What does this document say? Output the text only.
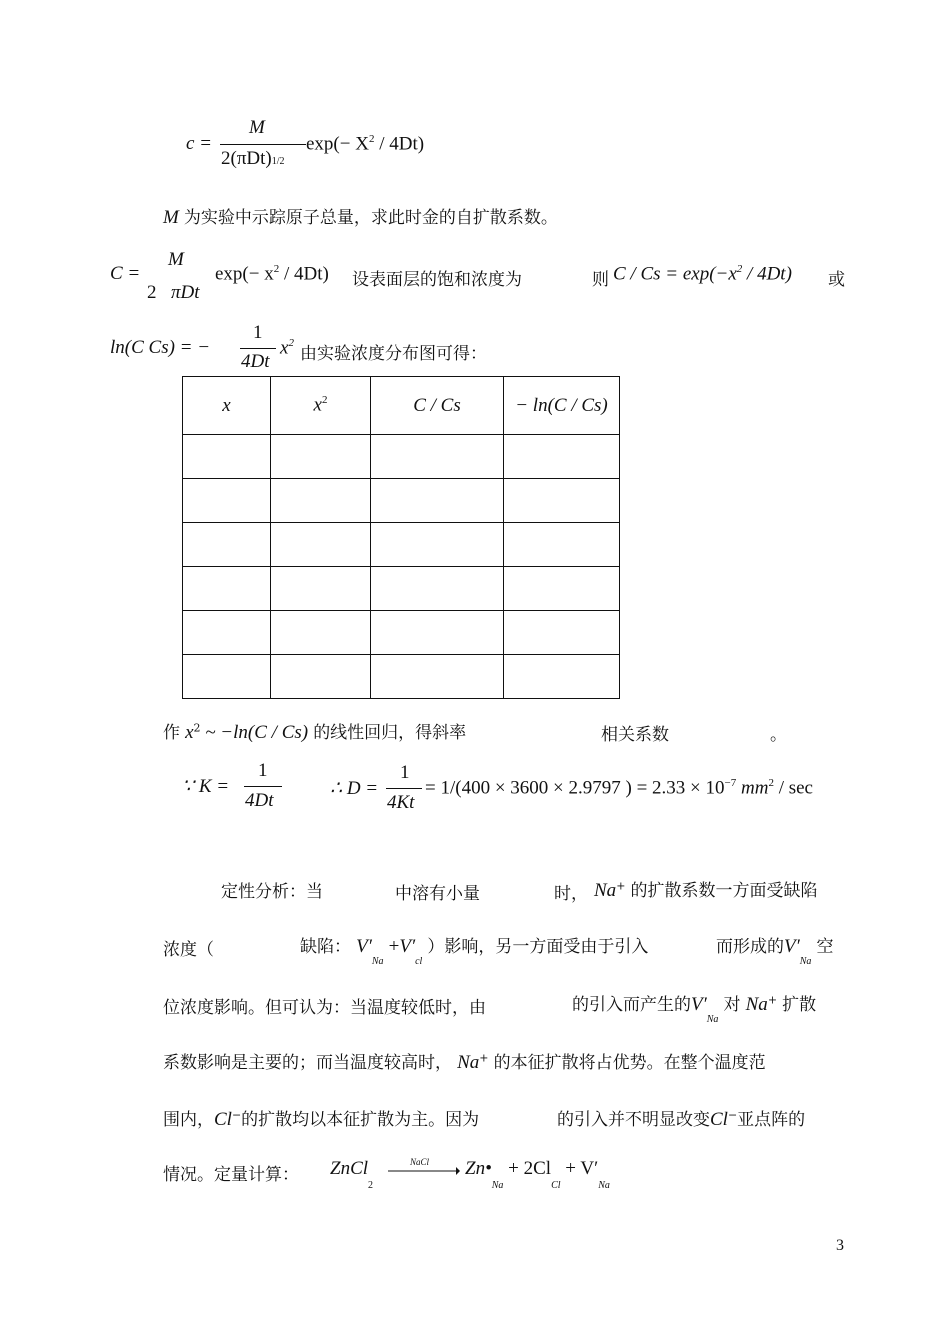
c =
M
2(πDt)1/2
$\exp(- X^2 / 4Dt)$
M 为实验中示踪原子总量，求此时金的自扩散系数。
C =
M
2 πDt
$\exp(- x^2 / 4Dt)$ 设表面层的饱和浓度为	则 $C / Cs = \exp(-x^2 / 4Dt)$ 或
ln(C Cs) = −
1
4Dt
$x^2$
由实验浓度分布图可得：
x	$x^2$	C / Cs	− ln(C / Cs)

作 $x^2$ ~ −ln(C / Cs) 的线性回归，得斜率	相关系数	。
∵ K =
1
4Dt
∴ D =
1
4Kt
= 1/(400 × 3600 × 2.9797 ) = $2.33 \times 10^{-7}$ $mm^2$ / sec
定性分析：当	中溶有小量	时， Na+ 的扩散系数一方面受缺陷
浓度（	缺陷： $V'_{Na} +V'_{cl}$ ）影响，另一方面受由于引入	而形成的$V'_{Na}$ 空
位浓度影响。但可认为：当温度较低时，由	的引入而产生的$V'_{Na}$ 对 Na+ 扩散
系数影响是主要的；而当温度较高时， Na+ 的本征扩散将占优势。在整个温度范
围内，Cl−的扩散均以本征扩散为主。因为	的引入并不明显改变Cl−亚点阵的
情况。定量计算： ZnCl$_2$
NaCl $Zn•_{Na} + 2Cl_{Cl} + V'_{Na}$
3
